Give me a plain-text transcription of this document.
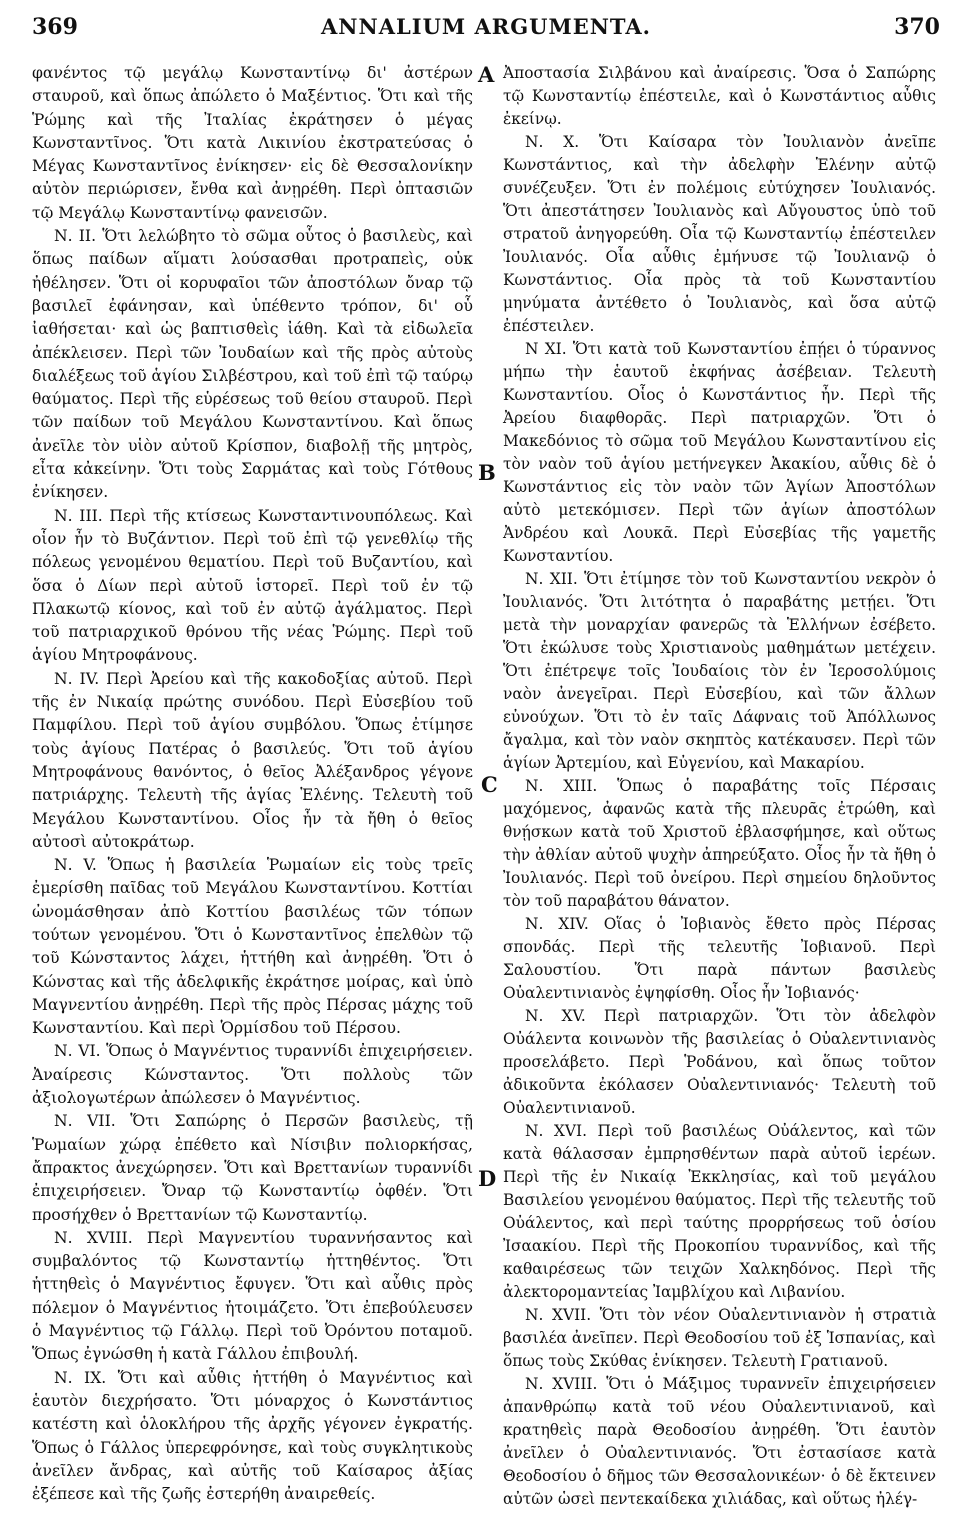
369	ANNALIUM ARGUMENTA.	370

φανέντος τῷ μεγάλῳ Κωνσταντίνῳ δι' ἀστέρων σταυροῦ, καὶ ὅπως ἀπώλετο ὁ Μαξέντιος. Ὅτι καὶ τῆς Ῥώμης καὶ τῆς Ἰταλίας ἐκράτησεν ὁ μέγας Κωνσταντῖνος. Ὅτι κατὰ Λικινίου ἐκστρατεύσας ὁ Μέγας Κωνσταντῖνος ἐνίκησεν· εἰς δὲ Θεσσαλονίκην αὐτὸν περιώρισεν, ἔνθα καὶ ἀνῃρέθη. Περὶ ὀπτασιῶν τῷ Μεγάλῳ Κωνσταντίνῳ φανεισῶν.

Ν. ΙΙ. Ὅτι λελώβητο τὸ σῶμα οὗτος ὁ βασιλεὺς, καὶ ὅπως παίδων αἵματι λούσασθαι προτραπεὶς, οὐκ ἠθέλησεν. Ὅτι οἱ κορυφαῖοι τῶν ἀποστόλων ὄναρ τῷ βασιλεῖ ἐφάνησαν, καὶ ὑπέθεντο τρόπον, δι' οὗ ἰαθήσεται· καὶ ὡς βαπτισθεὶς ἰάθη. Καὶ τὰ εἰδωλεῖα ἀπέκλεισεν. Περὶ τῶν Ἰουδαίων καὶ τῆς πρὸς αὐτοὺς διαλέξεως τοῦ ἁγίου Σιλβέστρου, καὶ τοῦ ἐπὶ τῷ ταύρῳ θαύματος. Περὶ τῆς εὑρέσεως τοῦ θείου σταυροῦ. Περὶ τῶν παίδων τοῦ Μεγάλου Κωνσταντίνου. Καὶ ὅπως ἀνεῖλε τὸν υἱὸν αὐτοῦ Κρίσπον, διαβολῇ τῆς μητρὸς, εἶτα κἀκείνην. Ὅτι τοὺς Σαρμάτας καὶ τοὺς Γότθους ἐνίκησεν.

Ν. ΙΙΙ. Περὶ τῆς κτίσεως Κωνσταντινουπόλεως. Καὶ οἷον ἦν τὸ Βυζάντιον. Περὶ τοῦ ἐπὶ τῷ γενεθλίῳ τῆς πόλεως γενομένου θεματίου. Περὶ τοῦ Βυζαντίου, καὶ ὅσα ὁ Δίων περὶ αὐτοῦ ἱστορεῖ. Περὶ τοῦ ἐν τῷ Πλακωτῷ κίονος, καὶ τοῦ ἐν αὐτῷ ἀγάλματος. Περὶ τοῦ πατριαρχικοῦ θρόνου τῆς νέας Ῥώμης. Περὶ τοῦ ἁγίου Μητροφάνους.

Ν. ΙV. Περὶ Ἀρείου καὶ τῆς κακοδοξίας αὐτοῦ. Περὶ τῆς ἐν Νικαίᾳ πρώτης συνόδου. Περὶ Εὐσεβίου τοῦ Παμφίλου. Περὶ τοῦ ἁγίου συμβόλου. Ὅπως ἐτίμησε τοὺς ἁγίους Πατέρας ὁ βασιλεύς. Ὅτι τοῦ ἁγίου Μητροφάνους θανόντος, ὁ θεῖος Ἀλέξανδρος γέγονε πατριάρχης. Τελευτὴ τῆς ἁγίας Ἑλένης. Τελευτὴ τοῦ Μεγάλου Κωνσταντίνου. Οἷος ἦν τὰ ἤθη ὁ θεῖος αὐτοσὶ αὐτοκράτωρ.

Ν. V. Ὅπως ἡ βασιλεία Ῥωμαίων εἰς τοὺς τρεῖς ἐμερίσθη παῖδας τοῦ Μεγάλου Κωνσταντίνου. Κοττίαι ὠνομάσθησαν ἀπὸ Κοττίου βασιλέως τῶν τόπων τούτων γενομένου. Ὅτι ὁ Κωνσταντῖνος ἐπελθὼν τῷ τοῦ Κώνσταντος λάχει, ἡττήθη καὶ ἀνῃρέθη. Ὅτι ὁ Κώνστας καὶ τῆς ἀδελφικῆς ἐκράτησε μοίρας, καὶ ὑπὸ Μαγνεντίου ἀνῃρέθη. Περὶ τῆς πρὸς Πέρσας μάχης τοῦ Κωνσταντίου. Καὶ περὶ Ὁρμίσδου τοῦ Πέρσου.

Ν. VI. Ὅπως ὁ Μαγνέντιος τυραννίδι ἐπιχειρήσειεν. Ἀναίρεσις Κώνσταντος. Ὅτι πολλοὺς τῶν ἀξιολογωτέρων ἀπώλεσεν ὁ Μαγνέντιος.

Ν. VII. Ὅτι Σαπώρης ὁ Περσῶν βασιλεὺς, τῇ Ῥωμαίων χώρᾳ ἐπέθετο καὶ Νίσιβιν πολιορκήσας, ἄπρακτος ἀνεχώρησεν. Ὅτι καὶ Βρεττανίων τυραννίδι ἐπιχειρήσειεν. Ὄναρ τῷ Κωνσταντίῳ ὀφθέν. Ὅτι προσήχθεν ὁ Βρεττανίων τῷ Κωνσταντίῳ.

Ν. XVIII. Περὶ Μαγνεντίου τυραννήσαντος καὶ συμβαλόντος τῷ Κωνσταντίῳ ἡττηθέντος. Ὅτι ἡττηθεὶς ὁ Μαγνέντιος ἔφυγεν. Ὅτι καὶ αὖθις πρὸς πόλεμον ὁ Μαγνέντιος ἡτοιμάζετο. Ὅτι ἐπεβούλευσεν ὁ Μαγνέντιος τῷ Γάλλῳ. Περὶ τοῦ Ὀρόντου ποταμοῦ. Ὅπως ἐγνώσθη ἡ κατὰ Γάλλου ἐπιβουλή.

Ν. IX. Ὅτι καὶ αὖθις ἡττήθη ὁ Μαγνέντιος καὶ ἑαυτὸν διεχρήσατο. Ὅτι μόναρχος ὁ Κωνστάντιος κατέστη καὶ ὁλοκλήρου τῆς ἀρχῆς γέγονεν ἐγκρατής. Ὅπως ὁ Γάλλος ὑπερεφρόνησε, καὶ τοὺς συγκλητικοὺς ἀνεῖλεν ἄνδρας, καὶ αὐτῆς τοῦ Καίσαρος ἀξίας ἐξέπεσε καὶ τῆς ζωῆς ἐστερήθη ἀναιρεθείς.

Ἀποστασία Σιλβάνου καὶ ἀναίρεσις. Ὅσα ὁ Σαπώρης τῷ Κωνσταντίῳ ἐπέστειλε, καὶ ὁ Κωνστάντιος αὖθις ἐκείνῳ.

Ν. Χ. Ὅτι Καίσαρα τὸν Ἰουλιανὸν ἀνεῖπε Κωνστάντιος, καὶ τὴν ἀδελφὴν Ἑλένην αὐτῷ συνέζευξεν. Ὅτι ἐν πολέμοις εὐτύχησεν Ἰουλιανός. Ὅτι ἀπεστάτησεν Ἰουλιανὸς καὶ Αὔγουστος ὑπὸ τοῦ στρατοῦ ἀνηγορεύθη. Οἷα τῷ Κωνσταντίῳ ἐπέστειλεν Ἰουλιανός. Οἷα αὖθις ἐμήνυσε τῷ Ἰουλιανῷ ὁ Κωνστάντιος. Οἷα πρὸς τὰ τοῦ Κωνσταντίου μηνύματα ἀντέθετο ὁ Ἰουλιανὸς, καὶ ὅσα αὐτῷ ἐπέστειλεν.

Ν ΧΙ. Ὅτι κατὰ τοῦ Κωνσταντίου ἐπῄει ὁ τύραννος μήπω τὴν ἑαυτοῦ ἐκφήνας ἀσέβειαν. Τελευτὴ Κωνσταντίου. Οἷος ὁ Κωνστάντιος ἦν. Περὶ τῆς Ἀρείου διαφθορᾶς. Περὶ πατριαρχῶν. Ὅτι ὁ Μακεδόνιος τὸ σῶμα τοῦ Μεγάλου Κωνσταντίνου εἰς τὸν ναὸν τοῦ ἁγίου μετήνεγκεν Ἀκακίου, αὖθις δὲ ὁ Κωνστάντιος εἰς τὸν ναὸν τῶν Ἁγίων Ἀποστόλων αὐτὸ μετεκόμισεν. Περὶ τῶν ἁγίων ἀποστόλων Ἀνδρέου καὶ Λουκᾶ. Περὶ Εὐσεβίας τῆς γαμετῆς Κωνσταντίου.

Ν. ΧΙΙ. Ὅτι ἐτίμησε τὸν τοῦ Κωνσταντίου νεκρὸν ὁ Ἰουλιανός. Ὅτι λιτότητα ὁ παραβάτης μετῄει. Ὅτι μετὰ τὴν μοναρχίαν φανερῶς τὰ Ἑλλήνων ἐσέβετο. Ὅτι ἐκώλυσε τοὺς Χριστιανοὺς μαθημάτων μετέχειν. Ὅτι ἐπέτρεψε τοῖς Ἰουδαίοις τὸν ἐν Ἱεροσολύμοις ναὸν ἀνεγεῖραι. Περὶ Εὐσεβίου, καὶ τῶν ἄλλων εὐνούχων. Ὅτι τὸ ἐν ταῖς Δάφναις τοῦ Ἀπόλλωνος ἄγαλμα, καὶ τὸν ναὸν σκηπτὸς κατέκαυσεν. Περὶ τῶν ἁγίων Ἀρτεμίου, καὶ Εὐγενίου, καὶ Μακαρίου.

Ν. ΧΙΙΙ. Ὅπως ὁ παραβάτης τοῖς Πέρσαις μαχόμενος, ἀφανῶς κατὰ τῆς πλευρᾶς ἐτρώθη, καὶ θνῄσκων κατὰ τοῦ Χριστοῦ ἐβλασφήμησε, καὶ οὕτως τὴν ἀθλίαν αὐτοῦ ψυχὴν ἀπηρεύξατο. Οἷος ἦν τὰ ἤθη ὁ Ἰουλιανός. Περὶ τοῦ ὀνείρου. Περὶ σημείου δηλοῦντος τὸν τοῦ παραβάτου θάνατον.

Ν. ΧΙV. Οἵας ὁ Ἰοβιανὸς ἔθετο πρὸς Πέρσας σπονδάς. Περὶ τῆς τελευτῆς Ἰοβιανοῦ. Περὶ Σαλουστίου. Ὅτι παρὰ πάντων βασιλεὺς Οὐαλεντινιανὸς ἐψηφίσθη. Οἷος ἦν Ἰοβιανός·

Ν. ΧV. Περὶ πατριαρχῶν. Ὅτι τὸν ἀδελφὸν Οὐάλεντα κοινωνὸν τῆς βασιλείας ὁ Οὐαλεντινιανὸς προσελάβετο. Περὶ Ῥοδάνου, καὶ ὅπως τοῦτον ἀδικοῦντα ἐκόλασεν Οὐαλεντινιανός· Τελευτὴ τοῦ Οὐαλεντινιανοῦ.

Ν. ΧVI. Περὶ τοῦ βασιλέως Οὐάλεντος, καὶ τῶν κατὰ θάλασσαν ἐμπρησθέντων παρὰ αὐτοῦ ἱερέων. Περὶ τῆς ἐν Νικαίᾳ Ἐκκλησίας, καὶ τοῦ μεγάλου Βασιλείου γενομένου θαύματος. Περὶ τῆς τελευτῆς τοῦ Οὐάλεντος, καὶ περὶ ταύτης προρρήσεως τοῦ ὁσίου Ἰσαακίου. Περὶ τῆς Προκοπίου τυραννίδος, καὶ τῆς καθαιρέσεως τῶν τειχῶν Χαλκηδόνος. Περὶ τῆς ἀλεκτορομαντείας Ἰαμβλίχου καὶ Λιβανίου.

Ν. ΧVII. Ὅτι τὸν νέον Οὐαλεντινιανὸν ἡ στρατιὰ βασιλέα ἀνεῖπεν. Περὶ Θεοδοσίου τοῦ ἐξ Ἱσπανίας, καὶ ὅπως τοὺς Σκύθας ἐνίκησεν. Τελευτὴ Γρατιανοῦ.

Ν. ΧVIII. Ὅτι ὁ Μάξιμος τυραννεῖν ἐπιχειρήσειεν ἀπανθρώπῳ κατὰ τοῦ νέου Οὐαλεντινιανοῦ, καὶ κρατηθεὶς παρὰ Θεοδοσίου ἀνῃρέθη. Ὅτι ἑαυτὸν ἀνεῖλεν ὁ Οὐαλεντινιανός. Ὅτι ἐστασίασε κατὰ Θεοδοσίου ὁ δῆμος τῶν Θεσσαλονικέων· ὁ δὲ ἔκτεινεν αὐτῶν ὡσεὶ πεντεκαίδεκα χιλιάδας, καὶ οὕτως ἠλέγ-

A
B
C
D
